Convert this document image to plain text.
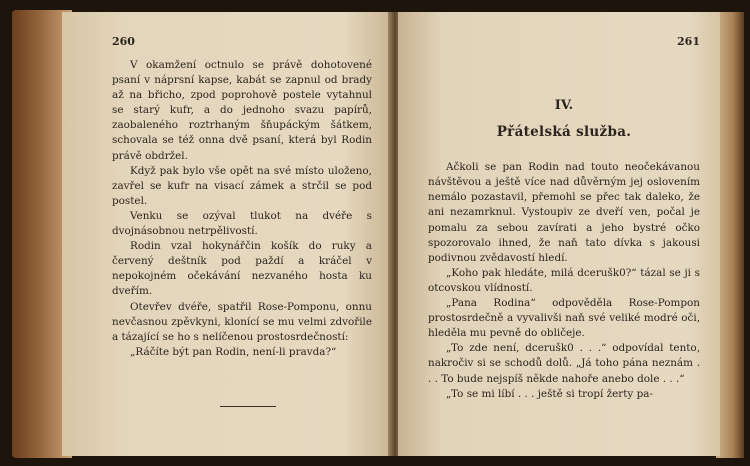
260

V okamžení octnulo se právě dohotovené psaní v náprsní kapse, kabát se zapnul od brady až na břicho, zpod poprohově postele vytahnul se starý kufr, a do jednoho svazu papírů, zaobaleného roztrhaným šňupáckým šátkem, schovala se též onna dvě psaní, která byl Rodin právě obdržel.

Když pak bylo vše opět na své místo uloženo, zavřel se kufr na visací zámek a strčil se pod postel.

Venku se ozýval tlukot na dvéře s dvojnásobnou netrpělivostí.

Rodin vzal hokynářčin košík do ruky a červený deštník pod paždí a kráčel v nepokojném očekávání nezvaného hosta ku dveřím.

Otevřev dvéře, spatřil Rose-Pomponu, onnu nevčasnou zpěvkyni, klonící se mu velmi zdvořile a tázající se ho s nelíčenou prostosrdečností:

„Ráčíte být pan Rodin, není-li pravda?“

261
IV.
Přátelská služba.

Ačkoli se pan Rodin nad touto neočekávanou návštěvou a ještě více nad důvěrným jej oslovením nemálo pozastavil, přemohl se přec tak daleko, že ani nezamrknul. Vystoupiv ze dveří ven, počal je pomalu za sebou zavírati a jeho bystré očko spozorovalo ihned, že naň tato dívka s jakousi podivnou zvědavostí hledí.

„Koho pak hledáte, milá dcerušk0?“ tázal se ji s otcovskou vlídností.

„Pana Rodina“ odpověděla Rose-Pompon prostosrdečně a vyvalivši naň své veliké modré oči, hleděla mu pevně do obličeje.

„To zde není, dcerušk0 . . .“ odpovídal tento, nakročiv si se schodů dolů. „Já toho pána neznám . . . To bude nejspíš někde nahoře anebo dole . . .“

„To se mi líbí . . . ještě si tropí žerty pa-
